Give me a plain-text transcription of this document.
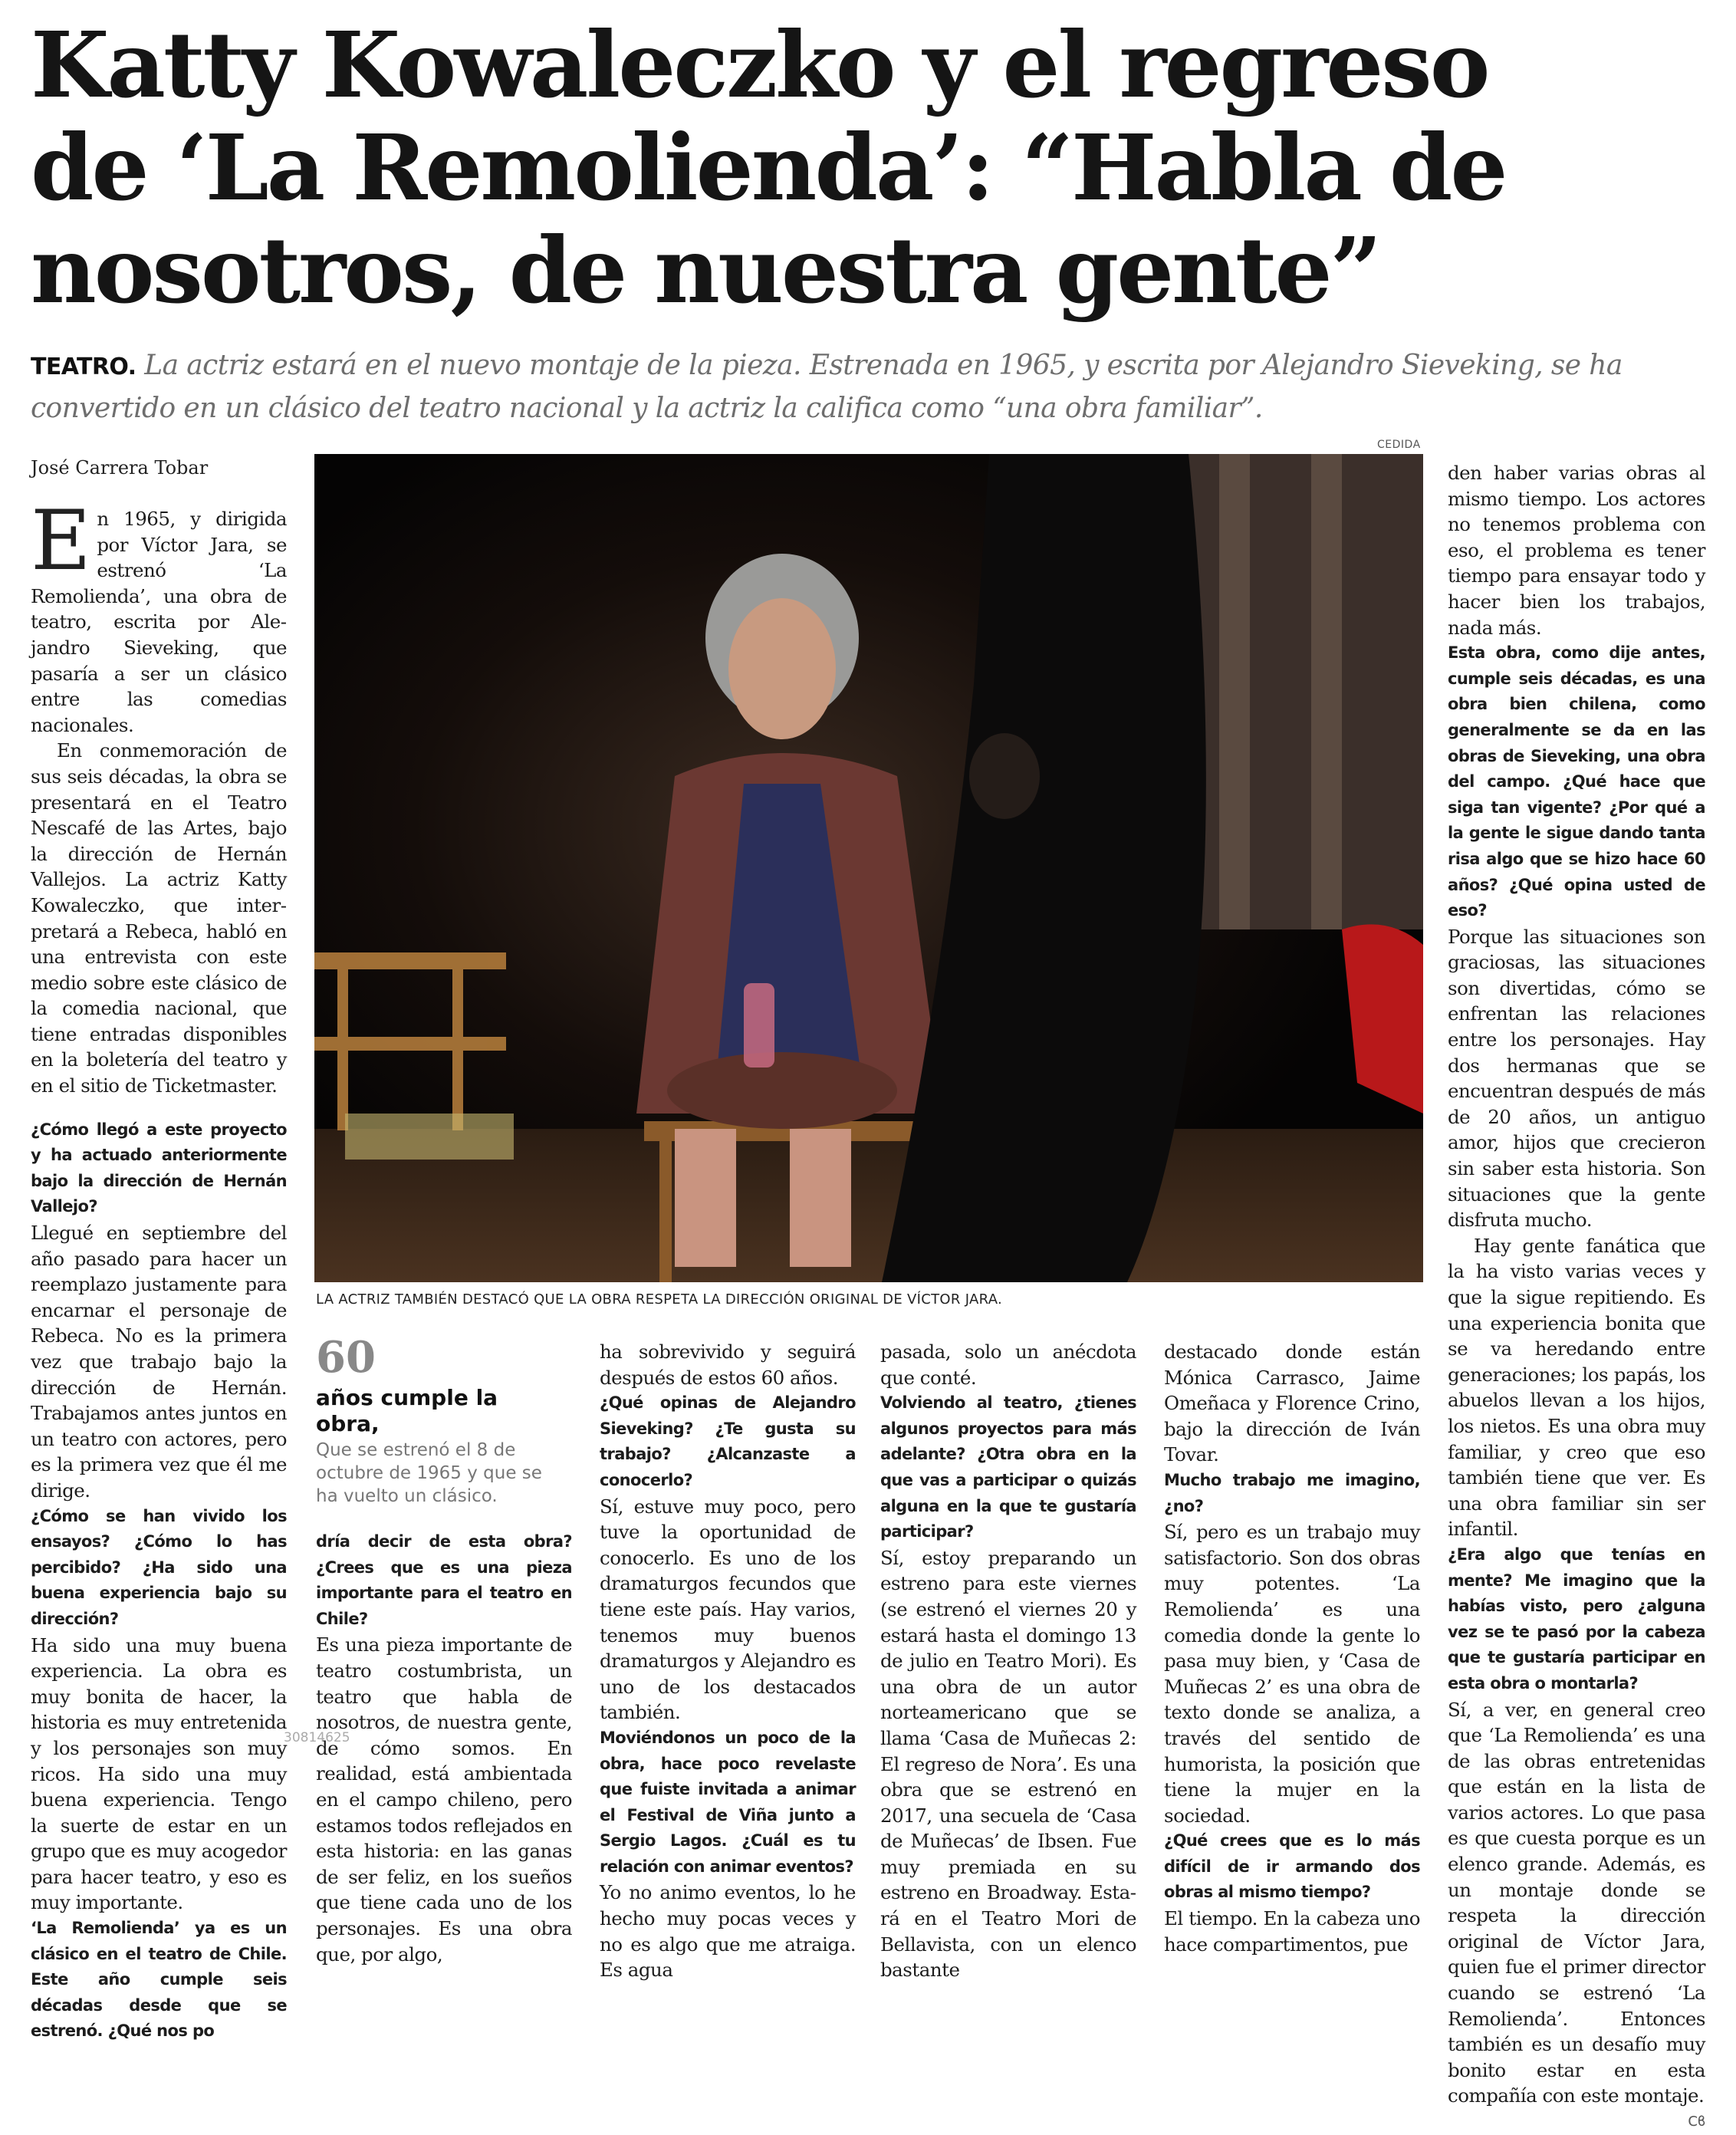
Katty Kowaleczko y el regreso
de ‘La Remolienda’: “Habla de
nosotros, de nuestra gente”
TEATRO. La actriz estará en el nuevo montaje de la pieza. Estrenada en 1965, y escrita por Alejandro Sieveking, se ha convertido en un clásico del teatro nacional y la actriz la califica como “una obra familiar”.
José Carrera Tobar

En 1965, y dirigida por Víctor Jara, se estrenó ‘La Remolienda’, una obra de teatro, escrita por Alejandro Sieveking, que pasaría a ser un clásico entre las comedias nacionales.

En conmemoración de sus seis décadas, la obra se presentará en el Teatro Nescafé de las Artes, bajo la dirección de Hernán Vallejos. La actriz Katty Kowaleczko, que interpretará a Rebeca, habló en una entrevista con este medio sobre este clásico de la comedia nacional, que tiene entradas disponibles en la boletería del teatro y en el sitio de Ticketmaster.

¿Cómo llegó a este proyecto y ha actuado anteriormente bajo la dirección de Hernán Vallejo?

Llegué en septiembre del año pasado para hacer un reemplazo justamente para encarnar el personaje de Rebeca. No es la primera vez que trabajo bajo la dirección de Hernán. Trabajamos antes juntos en un teatro con actores, pero es la primera vez que él me dirige.

¿Cómo se han vivido los ensayos? ¿Cómo lo has percibido? ¿Ha sido una buena experiencia bajo su dirección?

Ha sido una muy buena experiencia. La obra es muy bonita de hacer, la historia es muy entretenida y los personajes son muy ricos. Ha sido una muy buena experiencia. Tengo la suerte de estar en un grupo que es muy acogedor para hacer teatro, y eso es muy importante.

‘La Remolienda’ ya es un clásico en el teatro de Chile. Este año cumple seis décadas desde que se estrenó. ¿Qué nos po

CEDIDA
LA ACTRIZ TAMBIÉN DESTACÓ QUE LA OBRA RESPETA LA DIRECCIÓN ORIGINAL DE VÍCTOR JARA.
60
años cumple la obra,
Que se estrenó el 8 de octubre de 1965 y que se ha vuelto un clásico.

dría decir de esta obra? ¿Crees que es una pieza importante para el teatro en Chile?

Es una pieza importante de teatro costumbrista, un teatro que habla de nosotros, de nuestra gente, de cómo somos. En realidad, está ambientada en el campo chileno, pero estamos todos reflejados en esta historia: en las ganas de ser feliz, en los sueños que tiene cada uno de los personajes. Es una obra que, por algo,

ha sobrevivido y seguirá después de estos 60 años.

¿Qué opinas de Alejandro Sieveking? ¿Te gusta su trabajo? ¿Alcanzaste a conocerlo?

Sí, estuve muy poco, pero tuve la oportunidad de conocerlo. Es uno de los dramaturgos fecundos que tiene este país. Hay varios, tenemos muy buenos dramaturgos y Alejandro es uno de los destacados también.

Moviéndonos un poco de la obra, hace poco revelaste que fuiste invitada a animar el Festival de Viña junto a Sergio Lagos. ¿Cuál es tu relación con animar eventos?

Yo no animo eventos, lo he hecho muy pocas veces y no es algo que me atraiga. Es agua

pasada, solo un anécdota que conté.

Volviendo al teatro, ¿tienes algunos proyectos para más adelante? ¿Otra obra en la que vas a participar o quizás alguna en la que te gustaría participar?

Sí, estoy preparando un estreno para este viernes (se estrenó el viernes 20 y estará hasta el domingo 13 de julio en Teatro Mori). Es una obra de un autor norteamericano que se llama ‘Casa de Muñecas 2: El regreso de Nora’. Es una obra que se estrenó en 2017, una secuela de ‘Casa de Muñecas’ de Ibsen. Fue muy premiada en su estreno en Broadway. Estará en el Teatro Mori de Bellavista, con un elenco bastante

destacado donde están Mónica Carrasco, Jaime Omeñaca y Florence Crino, bajo la dirección de Iván Tovar.

Mucho trabajo me imagino, ¿no?

Sí, pero es un trabajo muy satisfactorio. Son dos obras muy potentes. ‘La Remolienda’ es una comedia donde la gente lo pasa muy bien, y ‘Casa de Muñecas 2’ es una obra de texto donde se analiza, a través del sentido de humorista, la posición que tiene la mujer en la sociedad.

¿Qué crees que es lo más difícil de ir armando dos obras al mismo tiempo?

El tiempo. En la cabeza uno hace compartimentos, pue

den haber varias obras al mismo tiempo. Los actores no tenemos problema con eso, el problema es tener tiempo para ensayar todo y hacer bien los trabajos, nada más.

Esta obra, como dije antes, cumple seis décadas, es una obra bien chilena, como generalmente se da en las obras de Sieveking, una obra del campo. ¿Qué hace que siga tan vigente? ¿Por qué a la gente le sigue dando tanta risa algo que se hizo hace 60 años? ¿Qué opina usted de eso?

Porque las situaciones son graciosas, las situaciones son divertidas, cómo se enfrentan las relaciones entre los personajes. Hay dos hermanas que se encuentran después de más de 20 años, un antiguo amor, hijos que crecieron sin saber esta historia. Son situaciones que la gente disfruta mucho.

Hay gente fanática que la ha visto varias veces y que la sigue repitiendo. Es una experiencia bonita que se va heredando entre generaciones; los papás, los abuelos llevan a los hijos, los nietos. Es una obra muy familiar, y creo que eso también tiene que ver. Es una obra familiar sin ser infantil.

¿Era algo que tenías en mente? Me imagino que la habías visto, pero ¿alguna vez se te pasó por la cabeza que te gustaría participar en esta obra o montarla?

Sí, a ver, en general creo que ‘La Remolienda’ es una de las obras entretenidas que están en la lista de varios actores. Lo que pasa es que cuesta porque es un elenco grande. Además, es un montaje donde se respeta la dirección original de Víctor Jara, quien fue el primer director cuando se estrenó ‘La Remolienda’. Entonces también es un desafío muy bonito estar en esta compañía con este montaje.
Cϐ

30814625
